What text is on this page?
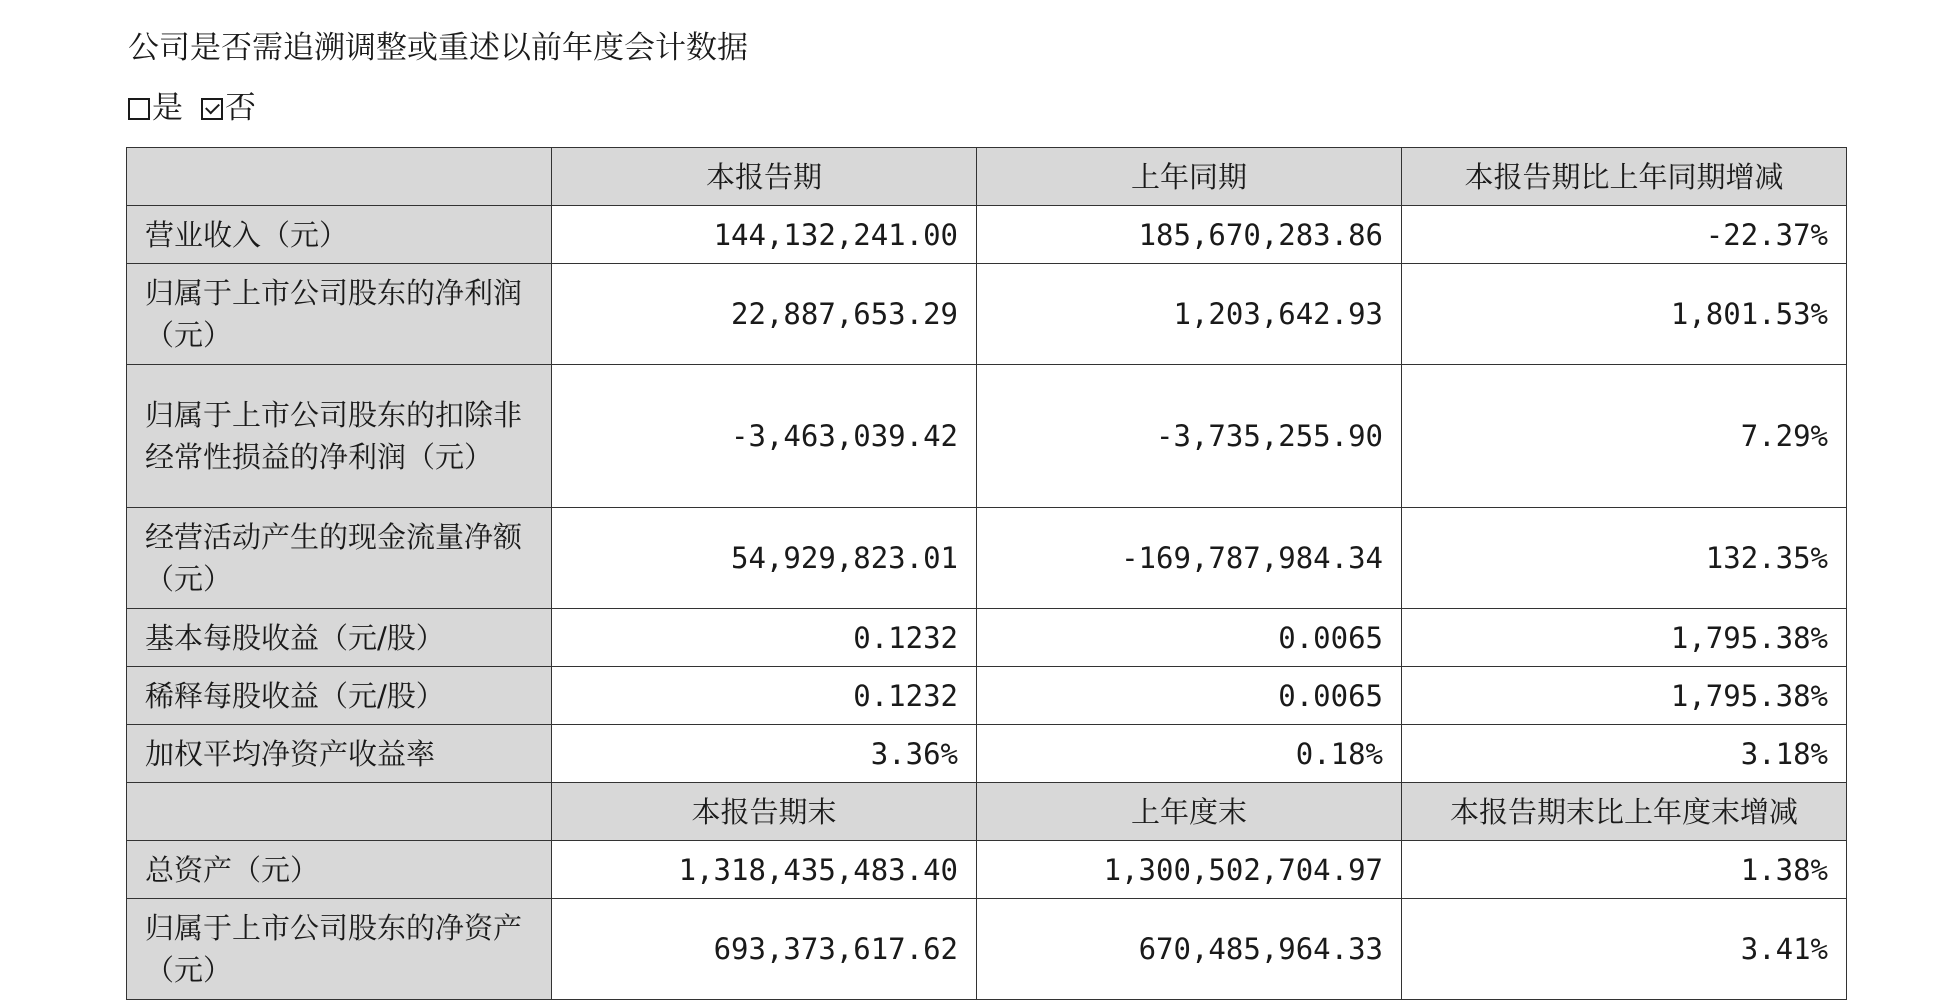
公司是否需追溯调整或重述以前年度会计数据
是 否
	本报告期	上年同期	本报告期比上年同期增减
营业收入（元）	144,132,241.00	185,670,283.86	-22.37%
归属于上市公司股东的净利润（元）	22,887,653.29	1,203,642.93	1,801.53%
归属于上市公司股东的扣除非经常性损益的净利润（元）	-3,463,039.42	-3,735,255.90	7.29%
经营活动产生的现金流量净额（元）	54,929,823.01	-169,787,984.34	132.35%
基本每股收益（元/股）	0.1232	0.0065	1,795.38%
稀释每股收益（元/股）	0.1232	0.0065	1,795.38%
加权平均净资产收益率	3.36%	0.18%	3.18%
	本报告期末	上年度末	本报告期末比上年度末增减
总资产（元）	1,318,435,483.40	1,300,502,704.97	1.38%
归属于上市公司股东的净资产（元）	693,373,617.62	670,485,964.33	3.41%
